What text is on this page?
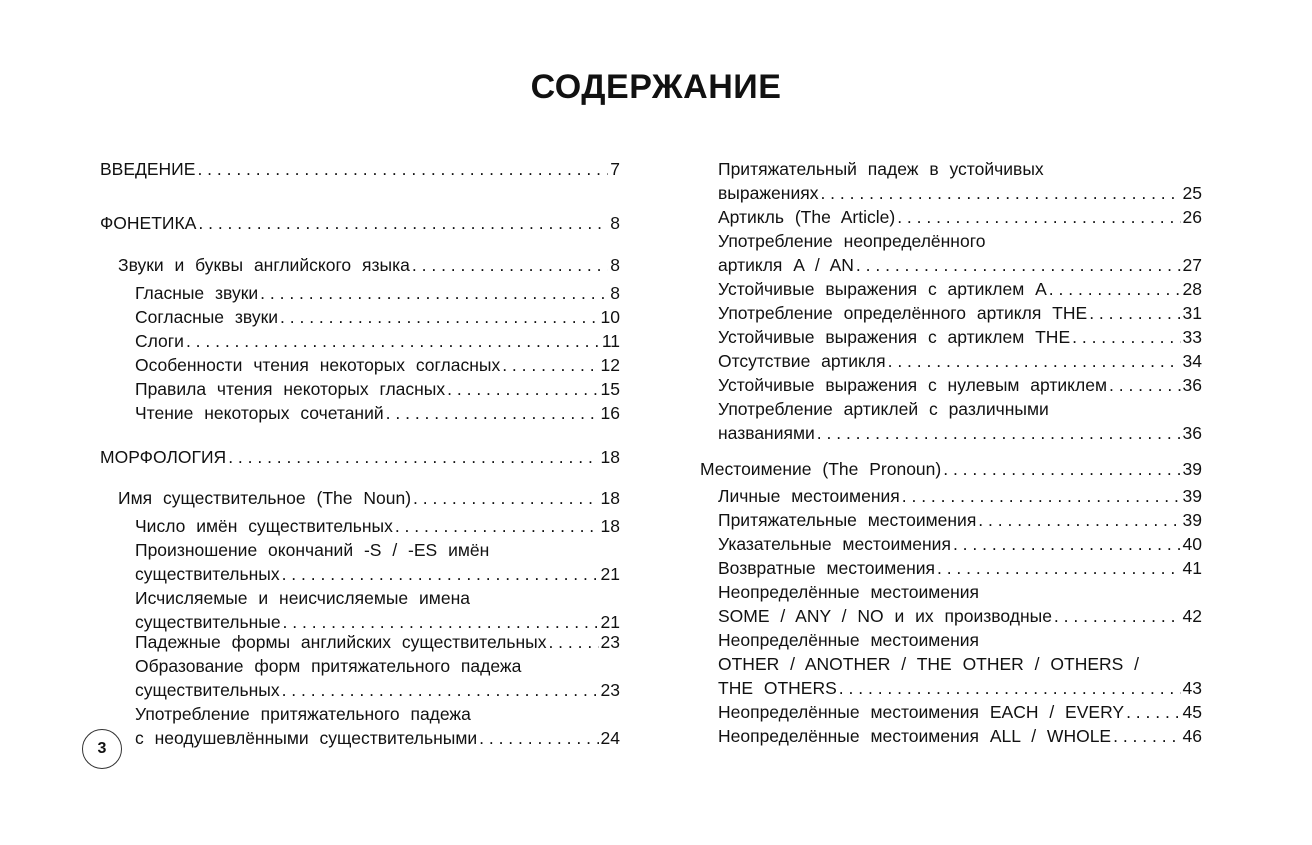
СОДЕРЖАНИЕ
ВВЕДЕНИЕ . . .	7
ФОНЕТИКА . . .	8
Звуки и буквы английского языка . . .	8
Гласные звуки . . .	8
Согласные звуки . . .	10
Слоги . . .	11
Особенности чтения некоторых согласных . . .	12
Правила чтения некоторых гласных . . .	15
Чтение некоторых сочетаний . . .	16
МОРФОЛОГИЯ . . .	18
Имя существительное (The Noun) . . .	18
Число имён существительных . . .	18
Произношение окончаний -S / -ES имён
существительных . . .	21
Исчисляемые и неисчисляемые имена
существительные . . .	21
Падежные формы английских существительных . . .	23
Образование форм притяжательного падежа
существительных . . .	23
Употребление притяжательного падежа
с неодушевлёнными существительными . . .	24
Притяжательный падеж в устойчивых
выражениях . . .	25
Артикль (The Article) . . .	26
Употребление неопределённого
артикля A / AN . . .	27
Устойчивые выражения с артиклем A . . .	28
Употребление определённого артикля THE . . .	31
Устойчивые выражения с артиклем THE . . .	33
Отсутствие артикля . . .	34
Устойчивые выражения с нулевым артиклем . . .	36
Употребление артиклей с различными
названиями . . .	36
Местоимение (The Pronoun) . . .	39
Личные местоимения . . .	39
Притяжательные местоимения . . .	39
Указательные местоимения . . .	40
Возвратные местоимения . . .	41
Неопределённые местоимения
SOME / ANY / NO и их производные . . .	42
Неопределённые местоимения
OTHER / ANOTHER / THE OTHER / OTHERS /
THE OTHERS . . .	43
Неопределённые местоимения EACH / EVERY . . .	45
Неопределённые местоимения ALL / WHOLE . . .	46
3
